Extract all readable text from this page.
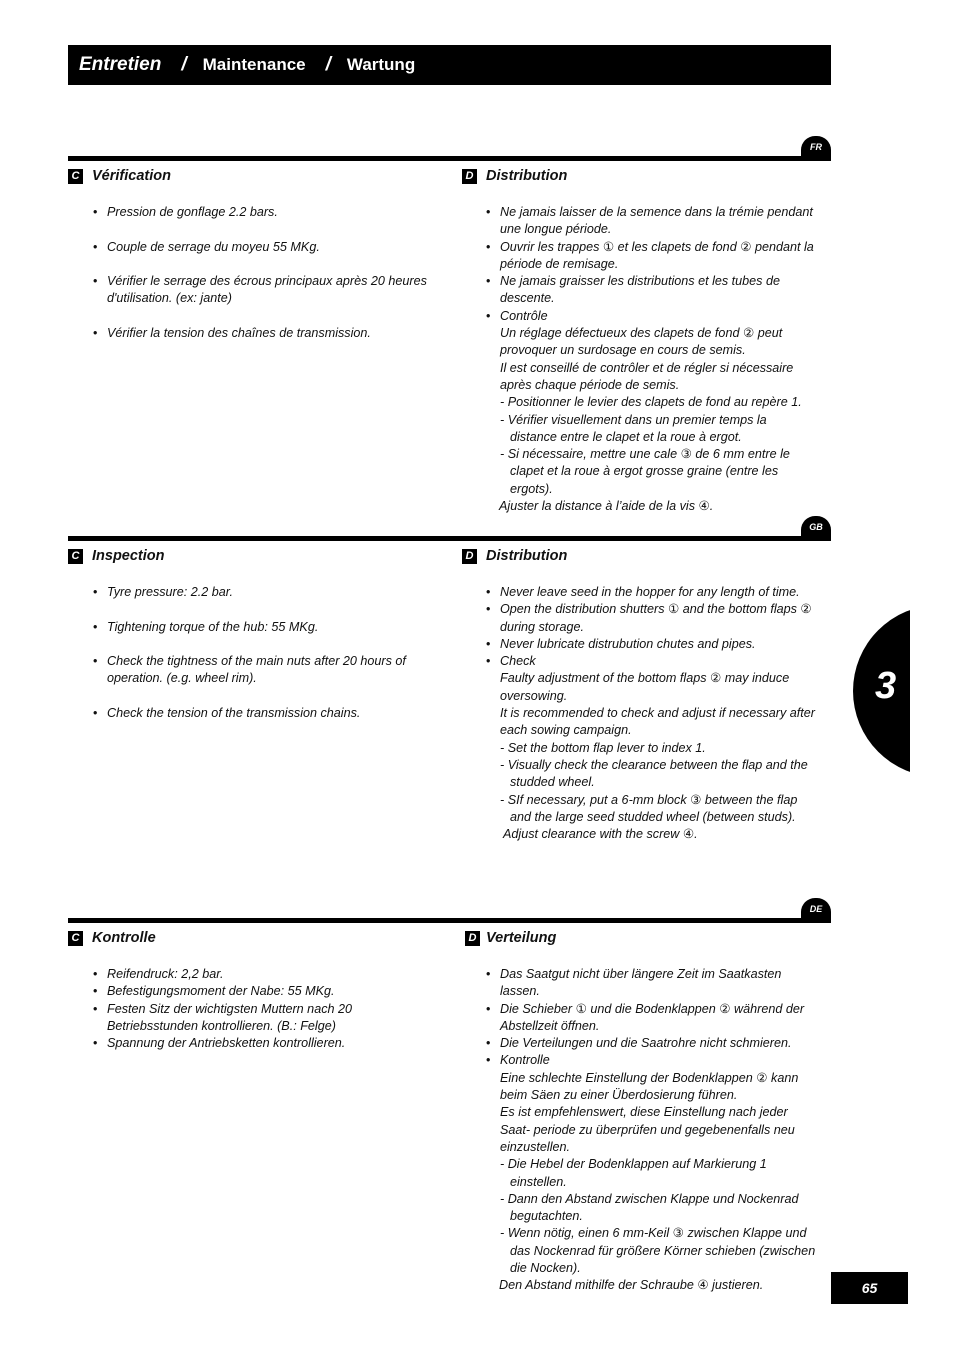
Entretien / Maintenance / Wartung
FR
C Vérification	D Distribution
• Pression de gonflage 2.2 bars.
• Couple de serrage du moyeu 55 MKg.
• Vérifier le serrage des écrous principaux après 20 heures d'utilisation. (ex: jante)
• Vérifier la tension des chaînes de transmission.
• Ne jamais laisser de la semence dans la trémie pendant une longue période.
• Ouvrir les trappes ① et les clapets de fond ② pendant la période de remisage.
• Ne jamais graisser les distributions et les tubes de descente.
• Contrôle
Un réglage défectueux des clapets de fond ② peut provoquer un surdosage en cours de semis.
Il est conseillé de contrôler et de régler si nécessaire après chaque période de semis.
- Positionner le levier des clapets de fond au repère 1.
- Vérifier visuellement dans un premier temps la distance entre le clapet et la roue à ergot.
- Si nécessaire, mettre une cale ③ de 6 mm entre le clapet et la roue à ergot grosse graine (entre les ergots).
Ajuster la distance à l’aide de la vis ④.
GB
C Inspection	D Distribution
• Tyre pressure: 2.2 bar.
• Tightening torque of the hub: 55 MKg.
• Check the tightness of the main nuts after 20 hours of operation. (e.g. wheel rim).
• Check the tension of the transmission chains.
• Never leave seed in the hopper for any length of time.
• Open the distribution shutters ① and the bottom flaps ② during storage.
• Never lubricate distrubution chutes and pipes.
• Check
Faulty adjustment of the bottom flaps ② may induce oversowing.
It is recommended to check and adjust if necessary after each sowing campaign.
- Set the bottom flap lever to index 1.
- Visually check the clearance between the flap and the studded wheel.
- SIf necessary, put a 6-mm block ③ between the flap and the large seed studded wheel (between studs).
Adjust clearance with the screw ④.
DE
C Kontrolle	D Verteilung
• Reifendruck: 2,2 bar.
• Befestigungsmoment der Nabe: 55 MKg.
• Festen Sitz der wichtigsten Muttern nach 20 Betriebsstunden kontrollieren. (B.: Felge)
• Spannung der Antriebsketten kontrollieren.
• Das Saatgut nicht über längere Zeit im Saatkasten lassen.
• Die Schieber ① und die Bodenklappen ② während der Abstellzeit öffnen.
• Die Verteilungen und die Saatrohre nicht schmieren.
• Kontrolle
Eine schlechte Einstellung der Bodenklappen ② kann beim Säen zu einer Überdosierung führen.
Es ist empfehlenswert, diese Einstellung nach jeder Saat- periode zu überprüfen und gegebenenfalls neu einzustellen.
- Die Hebel der Bodenklappen auf Markierung 1 einstellen.
- Dann den Abstand zwischen Klappe und Nockenrad begutachten.
- Wenn nötig, einen 6 mm-Keil ③ zwischen Klappe und das Nockenrad für größere Körner schieben (zwischen die Nocken).
Den Abstand mithilfe der Schraube ④ justieren.
3
65
